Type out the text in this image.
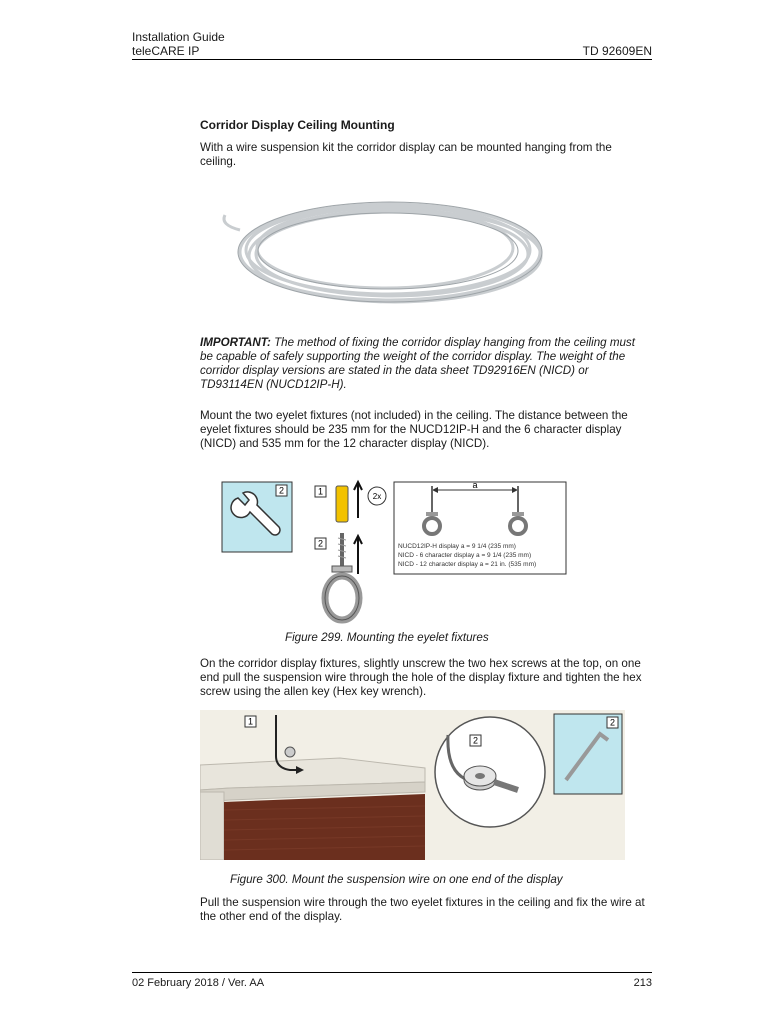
Installation Guide
teleCARE IP	TD 92609EN
Corridor Display Ceiling Mounting
With a wire suspension kit the corridor display can be mounted hanging from the ceiling.
IMPORTANT: The method of fixing the corridor display hanging from the ceiling must be capable of safely supporting the weight of the corridor display. The weight of the corridor display versions are stated in the data sheet TD92916EN (NICD) or TD93114EN (NUCD12IP-H).
Mount the two eyelet fixtures (not included) in the ceiling. The distance between the eyelet fixtures should be 235 mm for the NUCD12IP-H and the 6 character display (NICD) and 535 mm for the 12 character display (NICD).
2	1	2x
2
a
NUCD12IP-H display a = 9 1/4 (235 mm)
NICD - 6 character display a = 9 1/4 (235 mm)
NICD - 12 character display a = 21 in. (535 mm)
Figure 299. Mounting the eyelet fixtures
On the corridor display fixtures, slightly unscrew the two hex screws at the top, on one end pull the suspension wire through the hole of the display fixture and tighten the hex screw using the allen key (Hex key wrench).
1
2
2
Figure 300. Mount the suspension wire on one end of the display
Pull the suspension wire through the two eyelet fixtures in the ceiling and fix the wire at the other end of the display.
02 February 2018 / Ver. AA	213
